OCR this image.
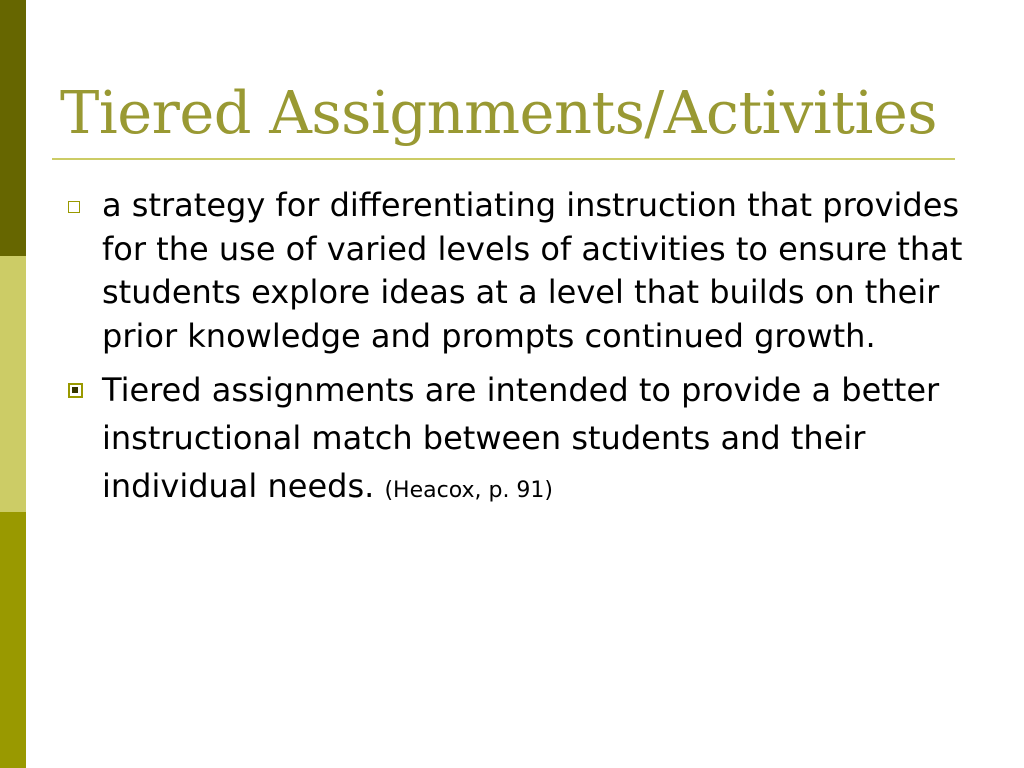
Tiered Assignments/Activities
a strategy for differentiating instruction that provides for the use of varied levels of activities to ensure that students explore ideas at a level that builds on their prior knowledge and prompts continued growth.
Tiered assignments are intended to provide a better instructional match between students and their individual needs. (Heacox, p. 91)
